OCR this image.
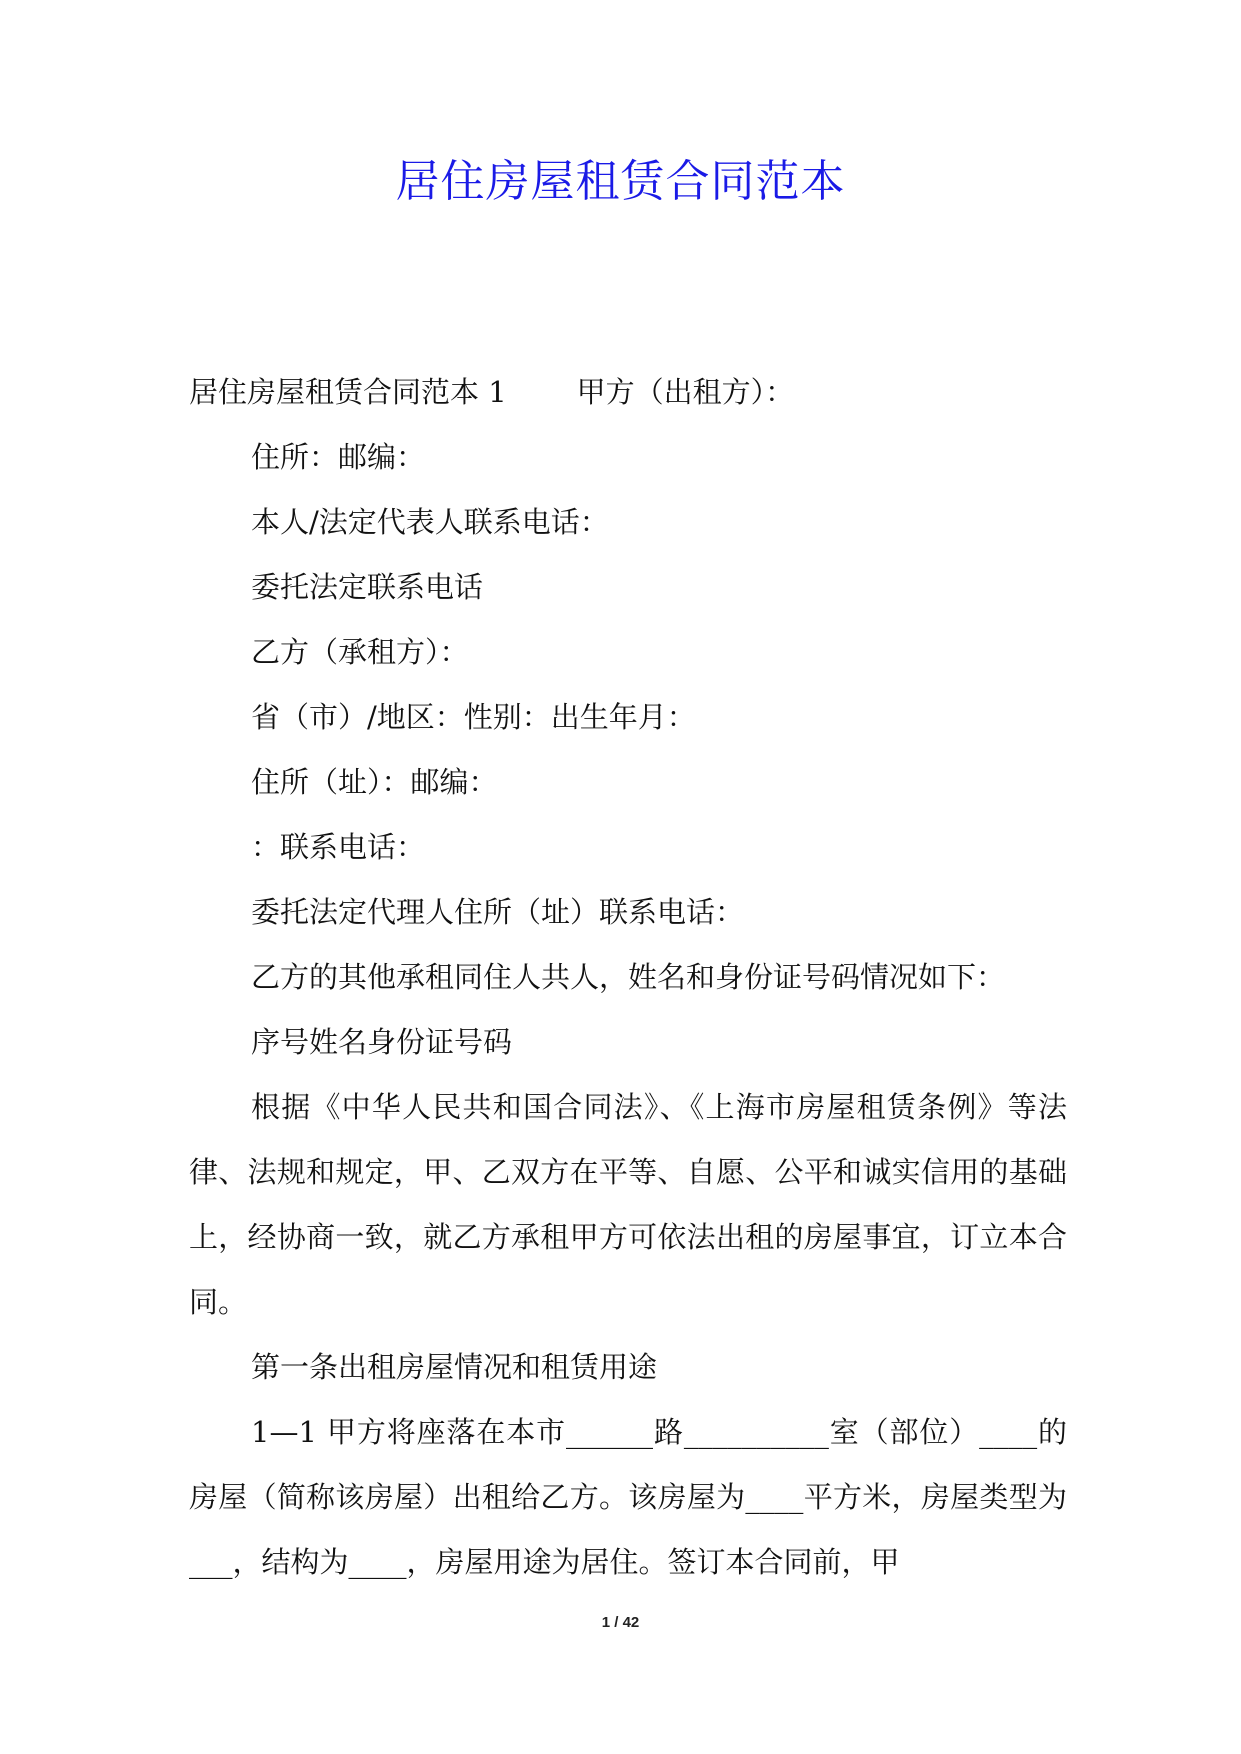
居住房屋租赁合同范本
居住房屋租赁合同范本 1 甲方（出租方）：
住所：邮编：
本人/法定代表人联系电话：
委托法定联系电话
乙方（承租方）：
省（市）/地区：性别：出生年月：
住所（址）：邮编：
：联系电话：
委托法定代理人住所（址）联系电话：
乙方的其他承租同住人共人，姓名和身份证号码情况如下：
序号姓名身份证号码
根据《中华人民共和国合同法》、《上海市房屋租赁条例》等法律、法规和规定，甲、乙双方在平等、自愿、公平和诚实信用的基础上，经协商一致，就乙方承租甲方可依法出租的房屋事宜，订立本合同。
第一条出租房屋情况和租赁用途
1—1 甲方将座落在本市______路__________室（部位）____的房屋（简称该房屋）出租给乙方。该房屋为____平方米，房屋类型为___，结构为____，房屋用途为居住。签订本合同前，甲
1 / 42
